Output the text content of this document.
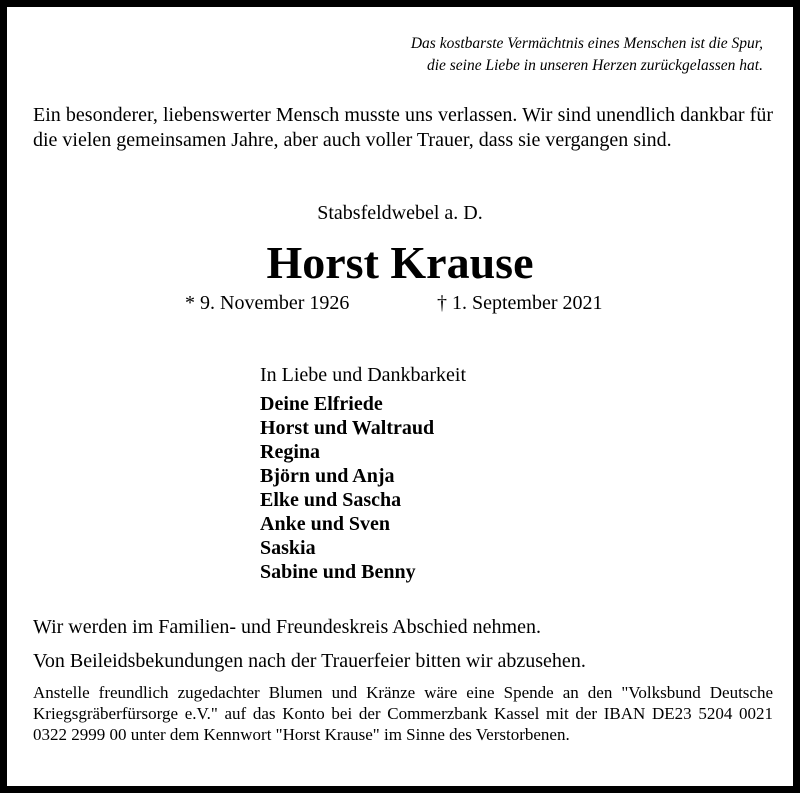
Das kostbarste Vermächtnis eines Menschen ist die Spur,
die seine Liebe in unseren Herzen zurückgelassen hat.
Ein besonderer, liebenswerter Mensch musste uns verlassen. Wir sind unendlich dankbar für die vielen gemeinsamen Jahre, aber auch voller Trauer, dass sie vergangen sind.
Stabsfeldwebel a. D.
Horst Krause
* 9. November 1926	† 1. September 2021
In Liebe und Dankbarkeit
Deine Elfriede
Horst und Waltraud
Regina
Björn und Anja
Elke und Sascha
Anke und Sven
Saskia
Sabine und Benny
Wir werden im Familien- und Freundeskreis Abschied nehmen.
Von Beileidsbekundungen nach der Trauerfeier bitten wir abzusehen.
Anstelle freundlich zugedachter Blumen und Kränze wäre eine Spende an den "Volksbund Deutsche Kriegsgräberfürsorge e.V." auf das Konto bei der Commerzbank Kassel mit der IBAN DE23 5204 0021 0322 2999 00 unter dem Kennwort "Horst Krause" im Sinne des Verstorbenen.
